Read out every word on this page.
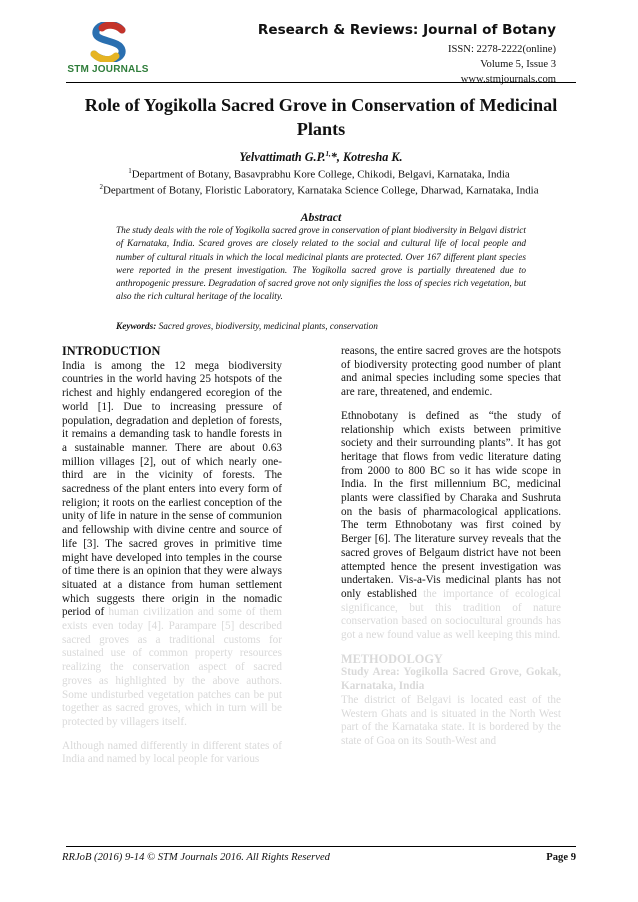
STM JOURNALS
Research & Reviews: Journal of Botany
ISSN: 2278-2222(online)
Volume 5, Issue 3
www.stmjournals.com
Role of Yogikolla Sacred Grove in Conservation of Medicinal Plants
Yelvattimath G.P.$^{1,}$*, Kotresha K.
$^1$Department of Botany, Basavprabhu Kore College, Chikodi, Belgavi, Karnataka, India
$^2$Department of Botany, Floristic Laboratory, Karnataka Science College, Dharwad, Karnataka, India
Abstract
The study deals with the role of Yogikolla sacred grove in conservation of plant biodiversity in Belgavi district of Karnataka, India. Scared groves are closely related to the social and cultural life of local people and number of cultural rituals in which the local medicinal plants are protected. Over 167 different plant species were reported in the present investigation. The Yogikolla sacred grove is partially threatened due to anthropogenic pressure. Degradation of sacred grove not only signifies the loss of species rich vegetation, but also the rich cultural heritage of the locality.
Keywords: Sacred groves, biodiversity, medicinal plants, conservation
INTRODUCTION

India is among the 12 mega biodiversity countries in the world having 25 hotspots of the richest and highly endangered ecoregion of the world [1]. Due to increasing pressure of population, degradation and depletion of forests, it remains a demanding task to handle forests in a sustainable manner. There are about 0.63 million villages [2], out of which nearly one-third are in the vicinity of forests. The sacredness of the plant enters into every form of religion; it roots on the earliest conception of the unity of life in nature in the sense of communion and fellowship with divine centre and source of life [3]. The sacred groves in primitive time might have developed into temples in the course of time there is an opinion that they were always situated at a distance from human settlement which suggests there origin in the nomadic period of human civilization and some of them exists even today [4]. Parampare [5] described sacred groves as a traditional customs for sustained use of common property resources realizing the conservation aspect of sacred groves as highlighted by the above authors. Some undisturbed vegetation patches can be put together as sacred groves, which in turn will be protected by villagers itself.

Although named differently in different states of India and named by local people for various

reasons, the entire sacred groves are the hotspots of biodiversity protecting good number of plant and animal species including some species that are rare, threatened, and endemic.

Ethnobotany is defined as “the study of relationship which exists between primitive society and their surrounding plants”. It has got heritage that flows from vedic literature dating from 2000 to 800 BC so it has wide scope in India. In the first millennium BC, medicinal plants were classified by Charaka and Sushruta on the basis of pharmacological applications. The term Ethnobotany was first coined by Berger [6]. The literature survey reveals that the sacred groves of Belgaum district have not been attempted hence the present investigation was undertaken. Vis-a-Vis medicinal plants has not only established the importance of ecological significance, but this tradition of nature conservation based on sociocultural grounds has got a new found value as well keeping this mind.

METHODOLOGY
Study Area: Yogikolla Sacred Grove, Gokak, Karnataka, India

The district of Belgavi is located east of the Western Ghats and is situated in the North West part of the Karnataka state. It is bordered by the state of Goa on its South-West and

RRJoB (2016) 9-14 © STM Journals 2016. All Rights Reserved	Page 9
